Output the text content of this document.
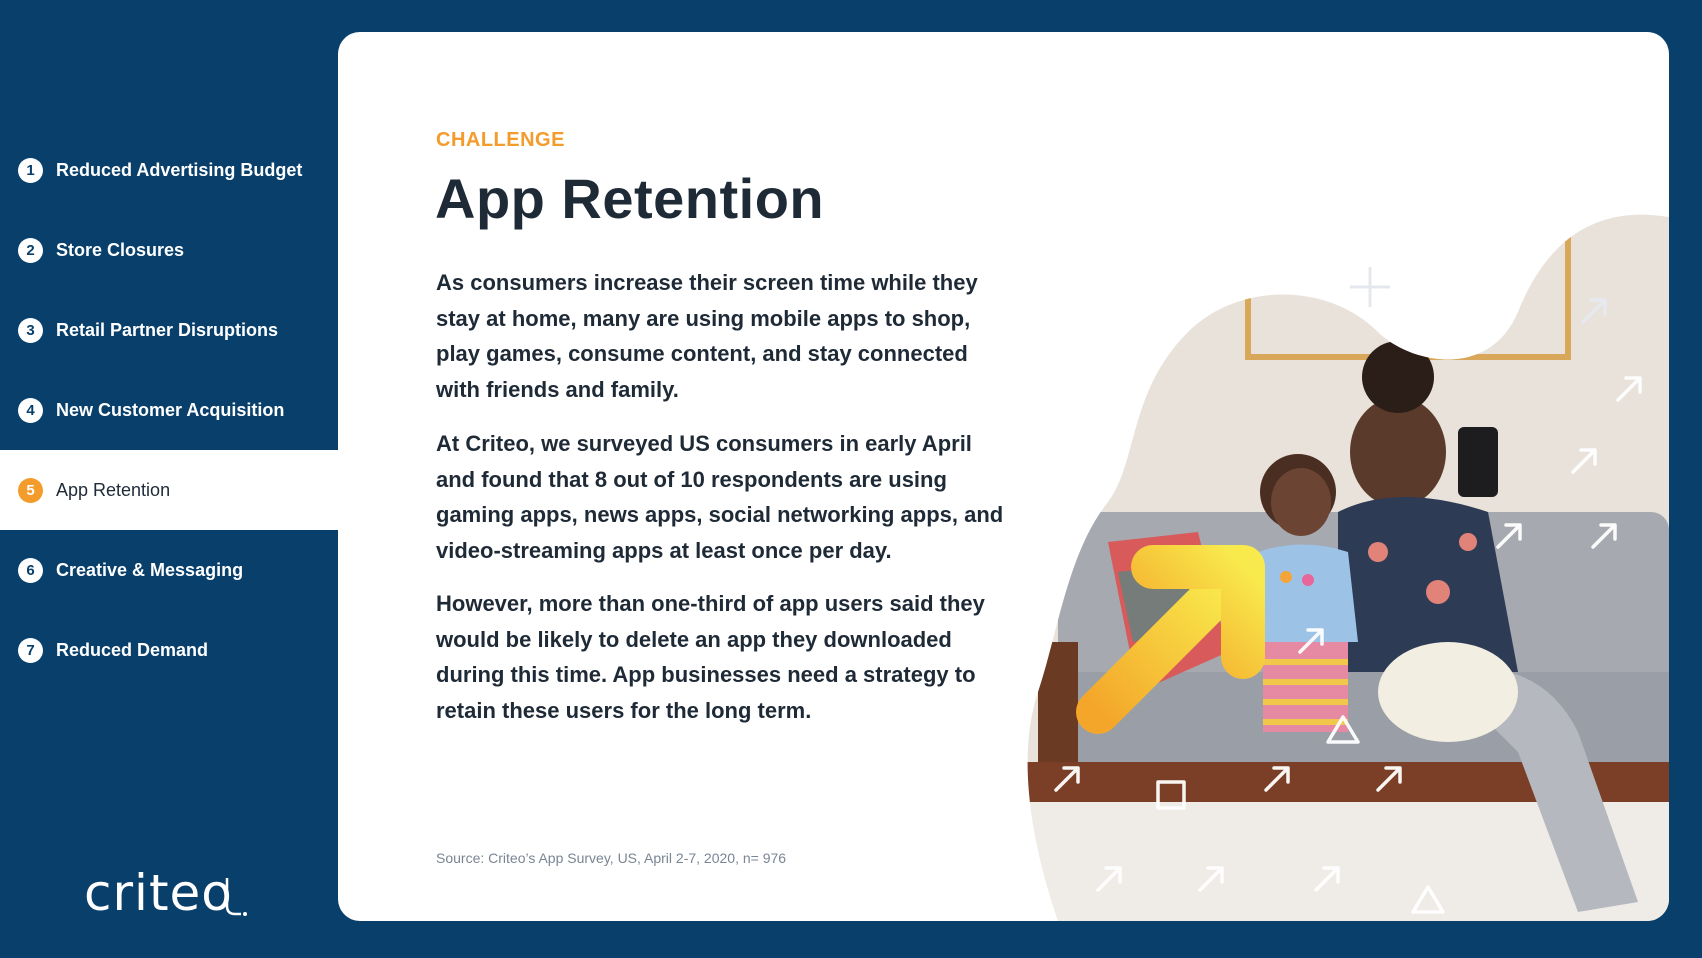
1	Reduced Advertising Budget
2	Store Closures
3	Retail Partner Disruptions
4	New Customer Acquisition
5	App Retention
6	Creative & Messaging
7	Reduced Demand
criteo
CHALLENGE
App Retention

As consumers increase their screen time while they stay at home, many are using mobile apps to shop, play games, consume content, and stay connected with friends and family.

At Criteo, we surveyed US consumers in early April and found that 8 out of 10 respondents are using gaming apps, news apps, social networking apps, and video-streaming apps at least once per day.

However, more than one-third of app users said they would be likely to delete an app they downloaded during this time. App businesses need a strategy to retain these users for the long term.

Source: Criteo’s App Survey, US, April 2-7, 2020, n= 976
